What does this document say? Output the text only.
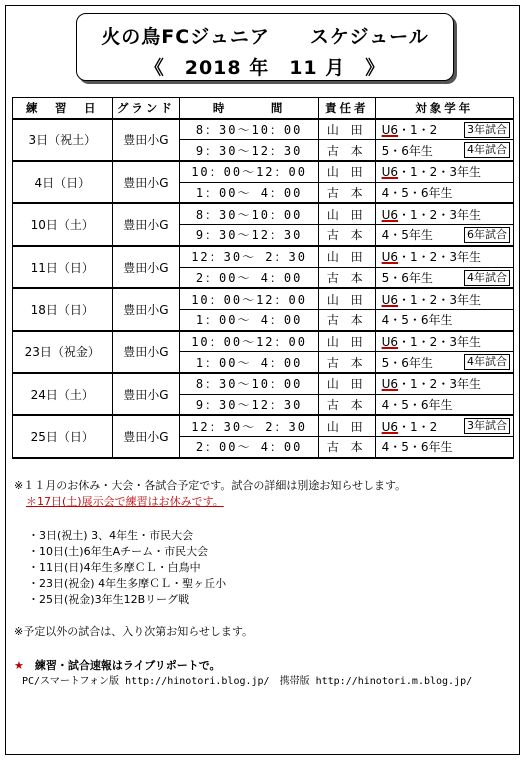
火の鳥FCジュニア　　スケジュール
《　2018 年　11 月　》
練　習　日	グランド	時　　　間	責任者	対象学年
3日（祝土）	豊田小G	8：30〜10：00	山 田	U6・1・2 3年試合

		9：30〜12：30	古 本	5・6年生 4年試合

4日（日）	豊田小G	10：00〜12：00	山 田	U6・1・2・3年生
		1：00〜 4：00	古 本	4・5・6年生
10日（土）	豊田小G	8：30〜10：00	山 田	U6・1・2・3年生
		9：30〜12：30	古 本	4・5年生 6年試合

11日（日）	豊田小G	12：30〜 2：30	山 田	U6・1・2・3年生
		2：00〜 4：00	古 本	5・6年生 4年試合

18日（日）	豊田小G	10：00〜12：00	山 田	U6・1・2・3年生
		1：00〜 4：00	古 本	4・5・6年生
23日（祝金）	豊田小G	10：00〜12：00	山 田	U6・1・2・3年生
		1：00〜 4：00	古 本	5・6年生 4年試合

24日（土）	豊田小G	8：30〜10：00	山 田	U6・1・2・3年生
		9：30〜12：30	古 本	4・5・6年生
25日（日）	豊田小G	12：30〜 2：30	山 田	U6・1・2 3年試合

		2：00〜 4：00	古 本	4・5・6年生
※１１月のお休み・大会・各試合予定です。試合の詳細は別途お知らせします。
＊17日(土)展示会で練習はお休みです。
・ 3日(祝土) 3、4年生・市民大会
・ 10日(土)6年生Aチーム・市民大会
・ 11日(日)4年生多摩ＣＬ・白鳥中
・ 23日(祝金) 4年生多摩ＣＬ・聖ヶ丘小
・ 25日(祝金)3年生12Bリーグ戦
※予定以外の試合は、入り次第お知らせします。
★　練習・試合速報はライブリポートで。
PC/スマートフォン版 http://hinotori.blog.jp/　携帯版 http://hinotori.m.blog.jp/
